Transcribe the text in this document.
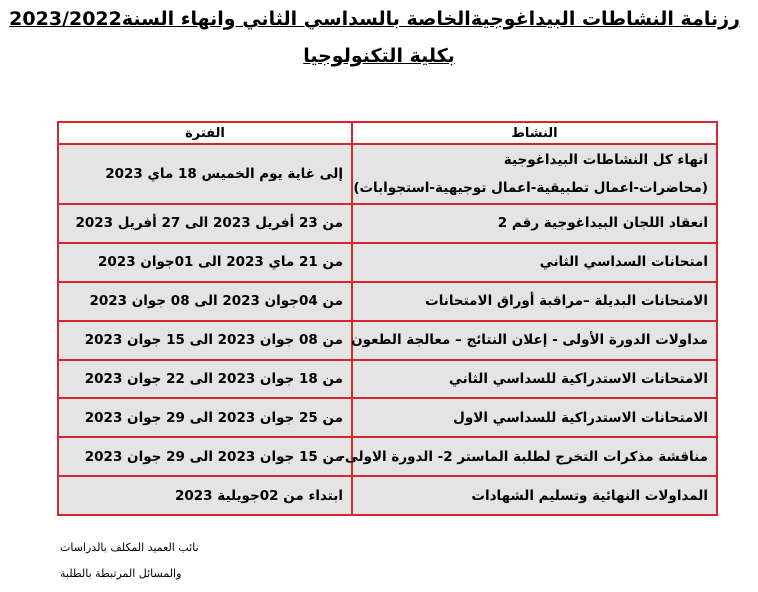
رزنامة النشاطات البيداغوجيةالخاصة بالسداسي الثاني وانهاء السنة2023/2022
بكلية التكنولوجيا
النشاط	الفترة

انهاء كل النشاطات البيداغوجية
(محاضرات-اعمال تطبيقية-اعمال توجيهية-استجوابات)	إلى غاية يوم الخميس 18 ماي 2023
انعقاد اللجان البيداغوجية رقم 2	من 23 أفريل 2023 الى 27 أفريل 2023
امتحانات السداسي الثاني	من 21 ماي 2023 الى 01جوان 2023
الامتحانات البديلة –مراقبة أوراق الامتحانات	من 04جوان 2023 الى 08 جوان 2023
مداولات الدورة الأولى - إعلان النتائج – معالجة الطعون	من 08 جوان 2023 الى 15 جوان 2023
الامتحانات الاستدراكية للسداسي الثاني	من 18 جوان 2023 الى 22 جوان 2023
الامتحانات الاستدراكية للسداسي الاول	من 25 جوان 2023 الى 29 جوان 2023
مناقشة مذكرات التخرج لطلبة الماستر 2- الدورة الاولى-	من 15 جوان 2023 الى 29 جوان 2023
المداولات النهائية وتسليم الشهادات	ابتداء من 02جويلية 2023
نائب العميد المكلف بالدراسات
والمسائل المرتبطة بالطلبة
